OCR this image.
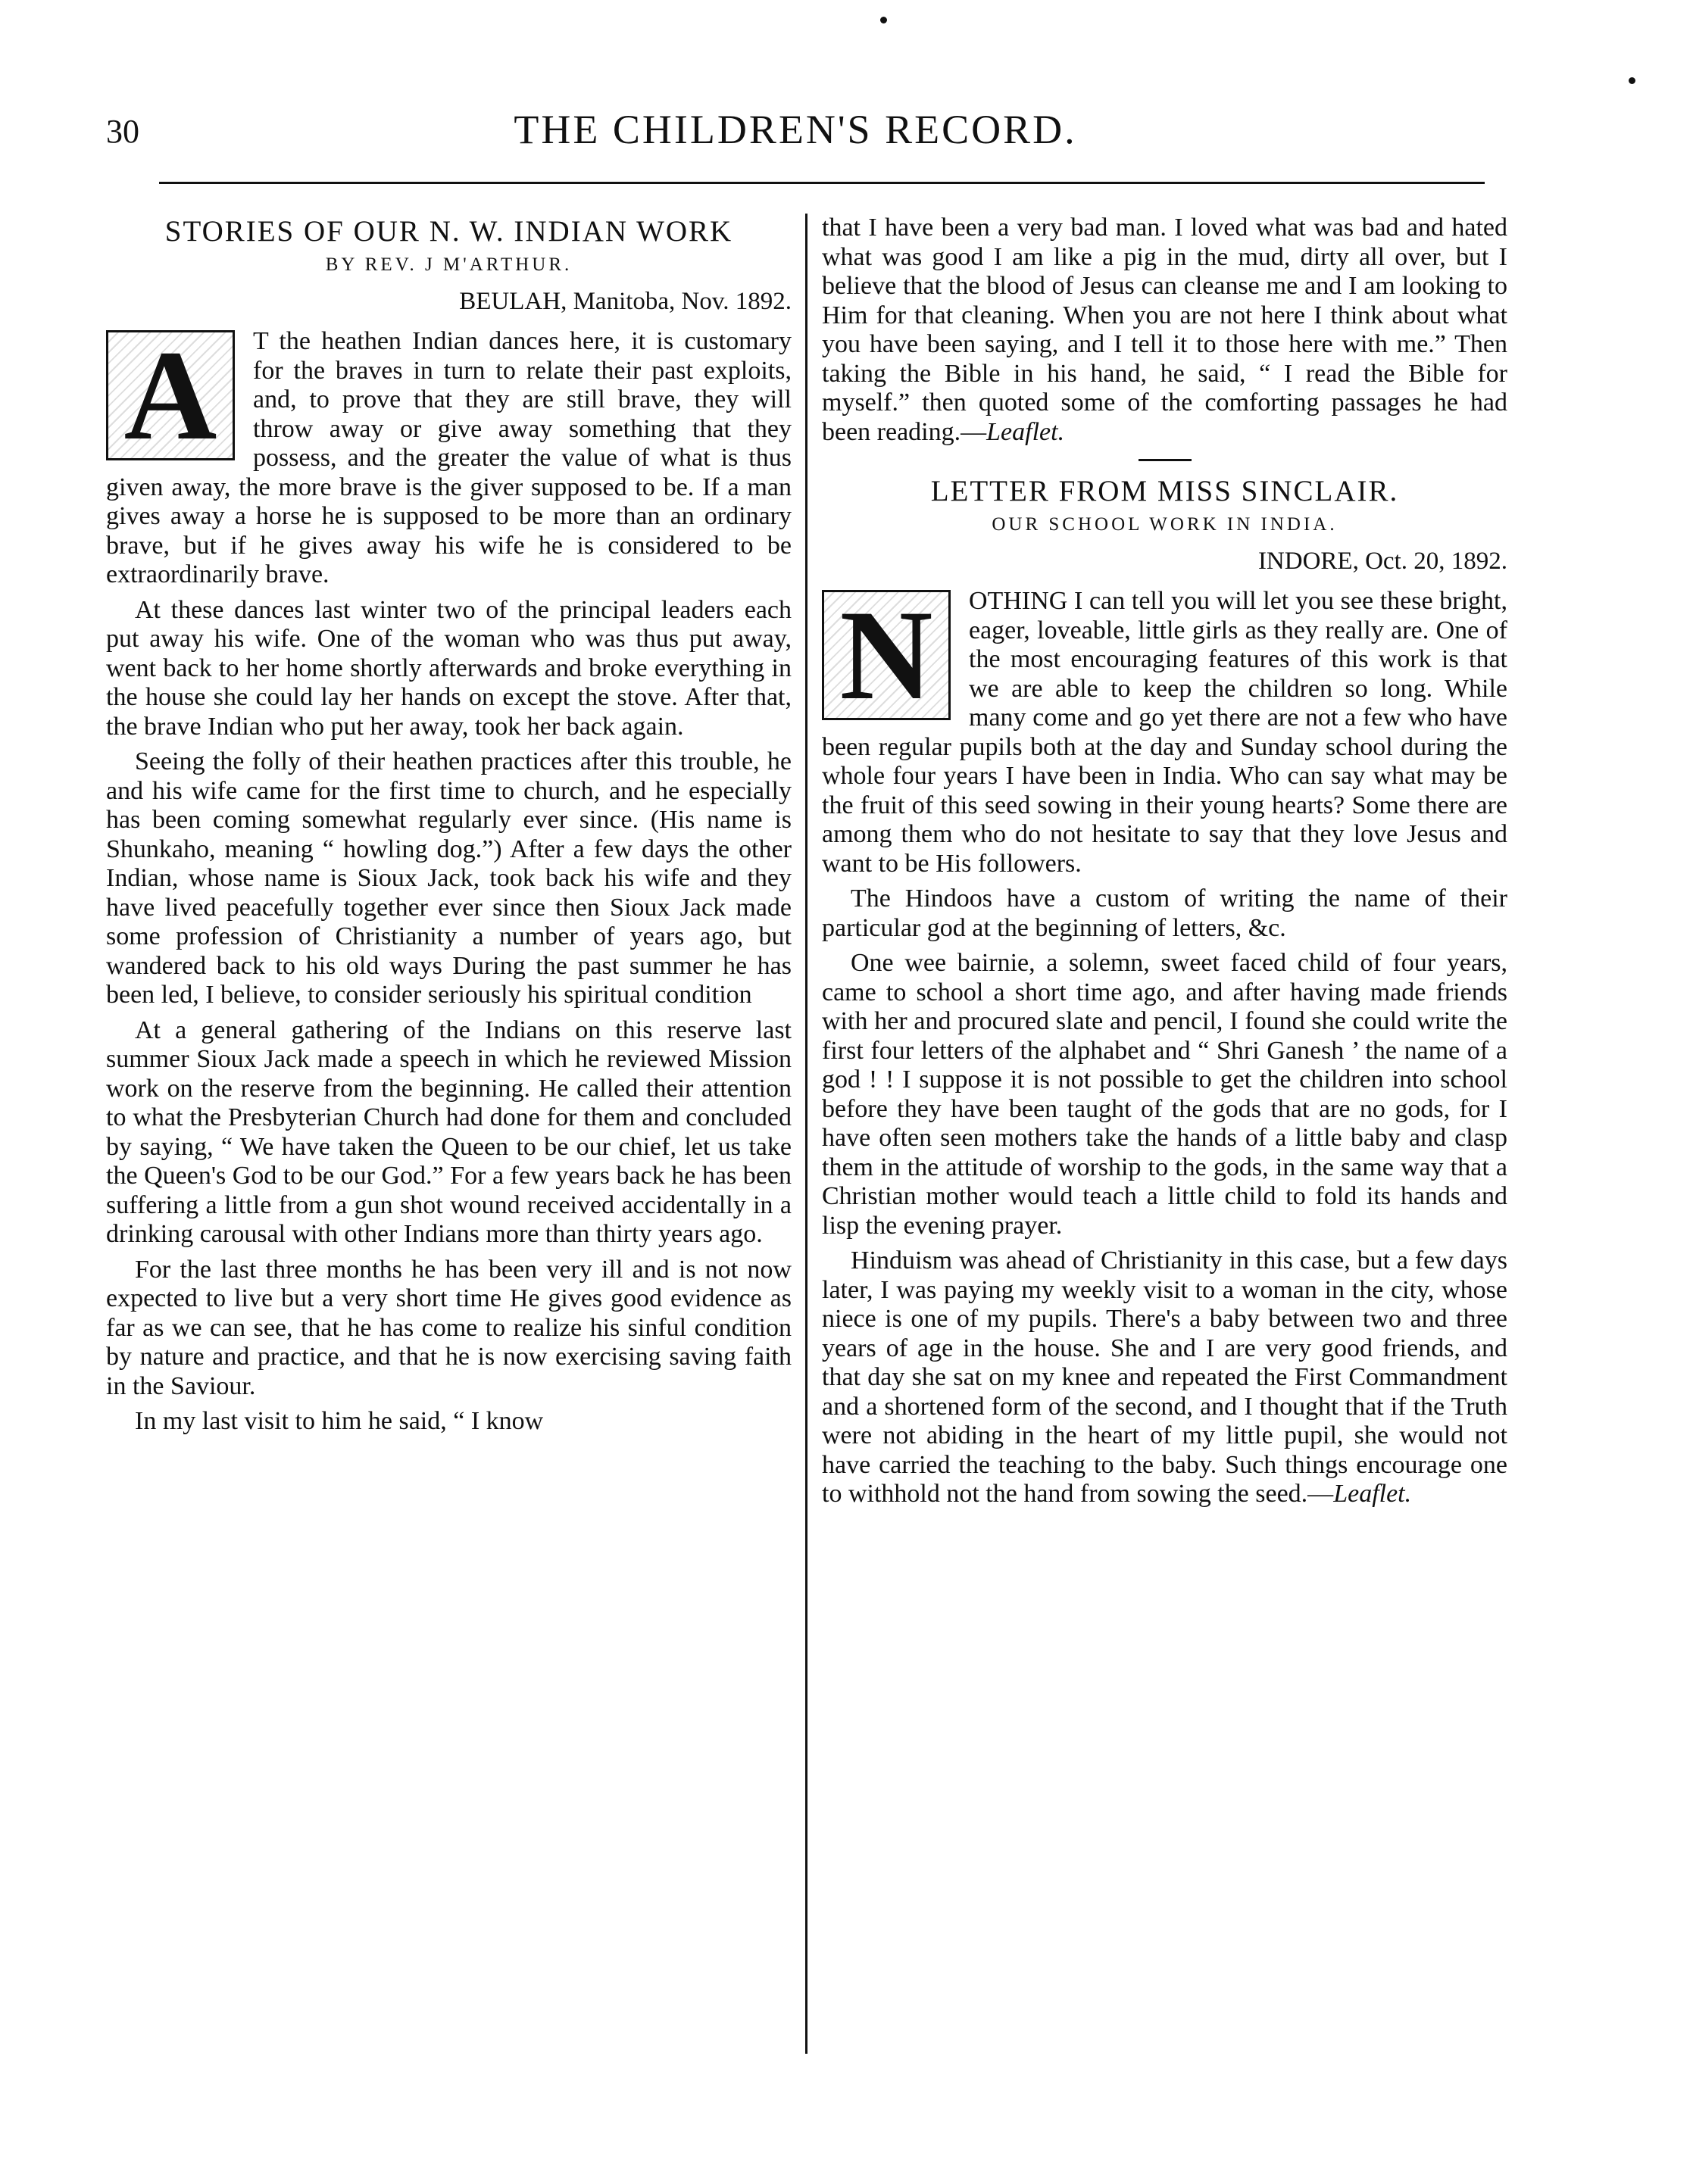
30	THE CHILDREN'S RECORD.
STORIES OF OUR N. W. INDIAN WORK
BY REV. J M'ARTHUR.
BEULAH, Manitoba, Nov. 1892.
A	T the heathen Indian dances here, it is customary for the braves in turn to relate their past exploits, and, to prove that they are still brave, they will throw away or give away something that they possess, and the greater the value of what is thus given away, the more brave is the giver supposed to be. If a man gives away a horse he is supposed to be more than an ordinary brave, but if he gives away his wife he is considered to be extraordinarily brave.

At these dances last winter two of the principal leaders each put away his wife. One of the woman who was thus put away, went back to her home shortly afterwards and broke everything in the house she could lay her hands on except the stove. After that, the brave Indian who put her away, took her back again.

Seeing the folly of their heathen practices after this trouble, he and his wife came for the first time to church, and he especially has been coming somewhat regularly ever since. (His name is Shunkaho, meaning “ howling dog.”) After a few days the other Indian, whose name is Sioux Jack, took back his wife and they have lived peacefully together ever since then Sioux Jack made some profession of Christianity a number of years ago, but wandered back to his old ways During the past summer he has been led, I believe, to consider seriously his spiritual condition

At a general gathering of the Indians on this reserve last summer Sioux Jack made a speech in which he reviewed Mission work on the reserve from the beginning. He called their attention to what the Presbyterian Church had done for them and concluded by saying, “ We have taken the Queen to be our chief, let us take the Queen's God to be our God.” For a few years back he has been suffering a little from a gun shot wound received accidentally in a drinking carousal with other Indians more than thirty years ago.

For the last three months he has been very ill and is not now expected to live but a very short time He gives good evidence as far as we can see, that he has come to realize his sinful condition by nature and practice, and that he is now exercising saving faith in the Saviour.

In my last visit to him he said, “ I know

that I have been a very bad man. I loved what was bad and hated what was good I am like a pig in the mud, dirty all over, but I believe that the blood of Jesus can cleanse me and I am looking to Him for that cleaning. When you are not here I think about what you have been saying, and I tell it to those here with me.” Then taking the Bible in his hand, he said, “ I read the Bible for myself.” then quoted some of the comforting passages he had been reading.—Leaflet.

LETTER FROM MISS SINCLAIR.
OUR SCHOOL WORK IN INDIA.
INDORE, Oct. 20, 1892.
N	OTHING I can tell you will let you see these bright, eager, loveable, little girls as they really are. One of the most encouraging features of this work is that we are able to keep the children so long. While many come and go yet there are not a few who have been regular pupils both at the day and Sunday school during the whole four years I have been in India. Who can say what may be the fruit of this seed sowing in their young hearts? Some there are among them who do not hesitate to say that they love Jesus and want to be His followers.

The Hindoos have a custom of writing the name of their particular god at the beginning of letters, &c.

One wee bairnie, a solemn, sweet faced child of four years, came to school a short time ago, and after having made friends with her and procured slate and pencil, I found she could write the first four letters of the alphabet and “ Shri Ganesh ’ the name of a god ! ! I suppose it is not possible to get the children into school before they have been taught of the gods that are no gods, for I have often seen mothers take the hands of a little baby and clasp them in the attitude of worship to the gods, in the same way that a Christian mother would teach a little child to fold its hands and lisp the evening prayer.

Hinduism was ahead of Christianity in this case, but a few days later, I was paying my weekly visit to a woman in the city, whose niece is one of my pupils. There's a baby between two and three years of age in the house. She and I are very good friends, and that day she sat on my knee and repeated the First Commandment and a shortened form of the second, and I thought that if the Truth were not abiding in the heart of my little pupil, she would not have carried the teaching to the baby. Such things encourage one to withhold not the hand from sowing the seed.—Leaflet.
